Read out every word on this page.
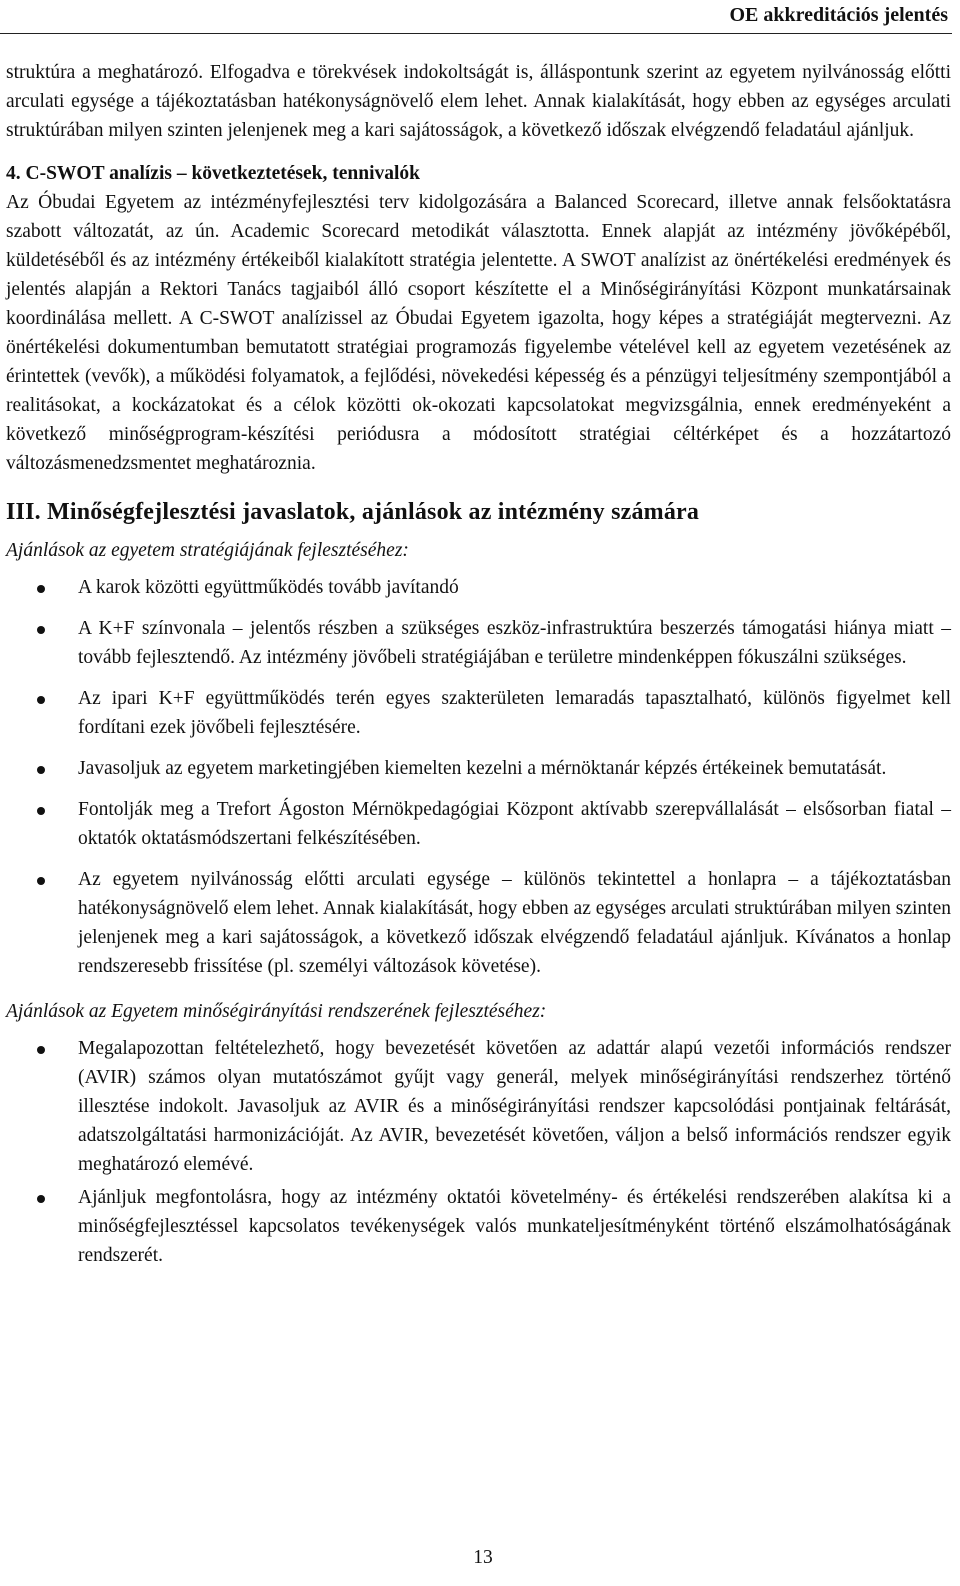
OE akkreditációs jelentés

struktúra a meghatározó. Elfogadva e törekvések indokoltságát is, álláspontunk szerint az egyetem nyilvánosság előtti arculati egysége a tájékoztatásban hatékonyságnövelő elem lehet. Annak kialakítását, hogy ebben az egységes arculati struktúrában milyen szinten jelenjenek meg a kari sajátosságok, a következő időszak elvégzendő feladatául ajánljuk.

4. C-SWOT analízis – következtetések, tennivalók

Az Óbudai Egyetem az intézményfejlesztési terv kidolgozására a Balanced Scorecard, illetve annak felsőoktatásra szabott változatát, az ún. Academic Scorecard metodikát választotta. Ennek alapját az intézmény jövőképéből, küldetéséből és az intézmény értékeiből kialakított stratégia jelentette. A SWOT analízist az önértékelési eredmények és jelentés alapján a Rektori Tanács tagjaiból álló csoport készítette el a Minőségirányítási Központ munkatársainak koordinálása mellett. A C-SWOT analízissel az Óbudai Egyetem igazolta, hogy képes a stratégiáját megtervezni. Az önértékelési dokumentumban bemutatott stratégiai programozás figyelembe vételével kell az egyetem vezetésének az érintettek (vevők), a működési folyamatok, a fejlődési, növekedési képesség és a pénzügyi teljesítmény szempontjából a realitásokat, a kockázatokat és a célok közötti ok-okozati kapcsolatokat megvizsgálnia, ennek eredményeként a következő minőségprogram-készítési periódusra a módosított stratégiai céltérképet és a hozzátartozó változásmenedzsmentet meghatároznia.

III. Minőségfejlesztési javaslatok, ajánlások az intézmény számára

Ajánlások az egyetem stratégiájának fejlesztéséhez:

A karok közötti együttműködés tovább javítandó
A K+F színvonala – jelentős részben a szükséges eszköz-infrastruktúra beszerzés támogatási hiánya miatt – tovább fejlesztendő. Az intézmény jövőbeli stratégiájában e területre mindenképpen fókuszálni szükséges.
Az ipari K+F együttműködés terén egyes szakterületen lemaradás tapasztalható, különös figyelmet kell fordítani ezek jövőbeli fejlesztésére.
Javasoljuk az egyetem marketingjében kiemelten kezelni a mérnöktanár képzés értékeinek bemutatását.
Fontolják meg a Trefort Ágoston Mérnökpedagógiai Központ aktívabb szerepvállalását – elsősorban fiatal – oktatók oktatásmódszertani felkészítésében.
Az egyetem nyilvánosság előtti arculati egysége – különös tekintettel a honlapra – a tájékoztatásban hatékonyságnövelő elem lehet. Annak kialakítását, hogy ebben az egységes arculati struktúrában milyen szinten jelenjenek meg a kari sajátosságok, a következő időszak elvégzendő feladatául ajánljuk. Kívánatos a honlap rendszeresebb frissítése (pl. személyi változások követése).

Ajánlások az Egyetem minőségirányítási rendszerének fejlesztéséhez:

Megalapozottan feltételezhető, hogy bevezetését követően az adattár alapú vezetői információs rendszer (AVIR) számos olyan mutatószámot gyűjt vagy generál, melyek minőségirányítási rendszerhez történő illesztése indokolt. Javasoljuk az AVIR és a minőségirányítási rendszer kapcsolódási pontjainak feltárását, adatszolgáltatási harmonizációját. Az AVIR, bevezetését követően, váljon a belső információs rendszer egyik meghatározó elemévé.
Ajánljuk megfontolásra, hogy az intézmény oktatói követelmény- és értékelési rendszerében alakítsa ki a minőségfejlesztéssel kapcsolatos tevékenységek valós munkateljesítményként történő elszámolhatóságának rendszerét.
13
